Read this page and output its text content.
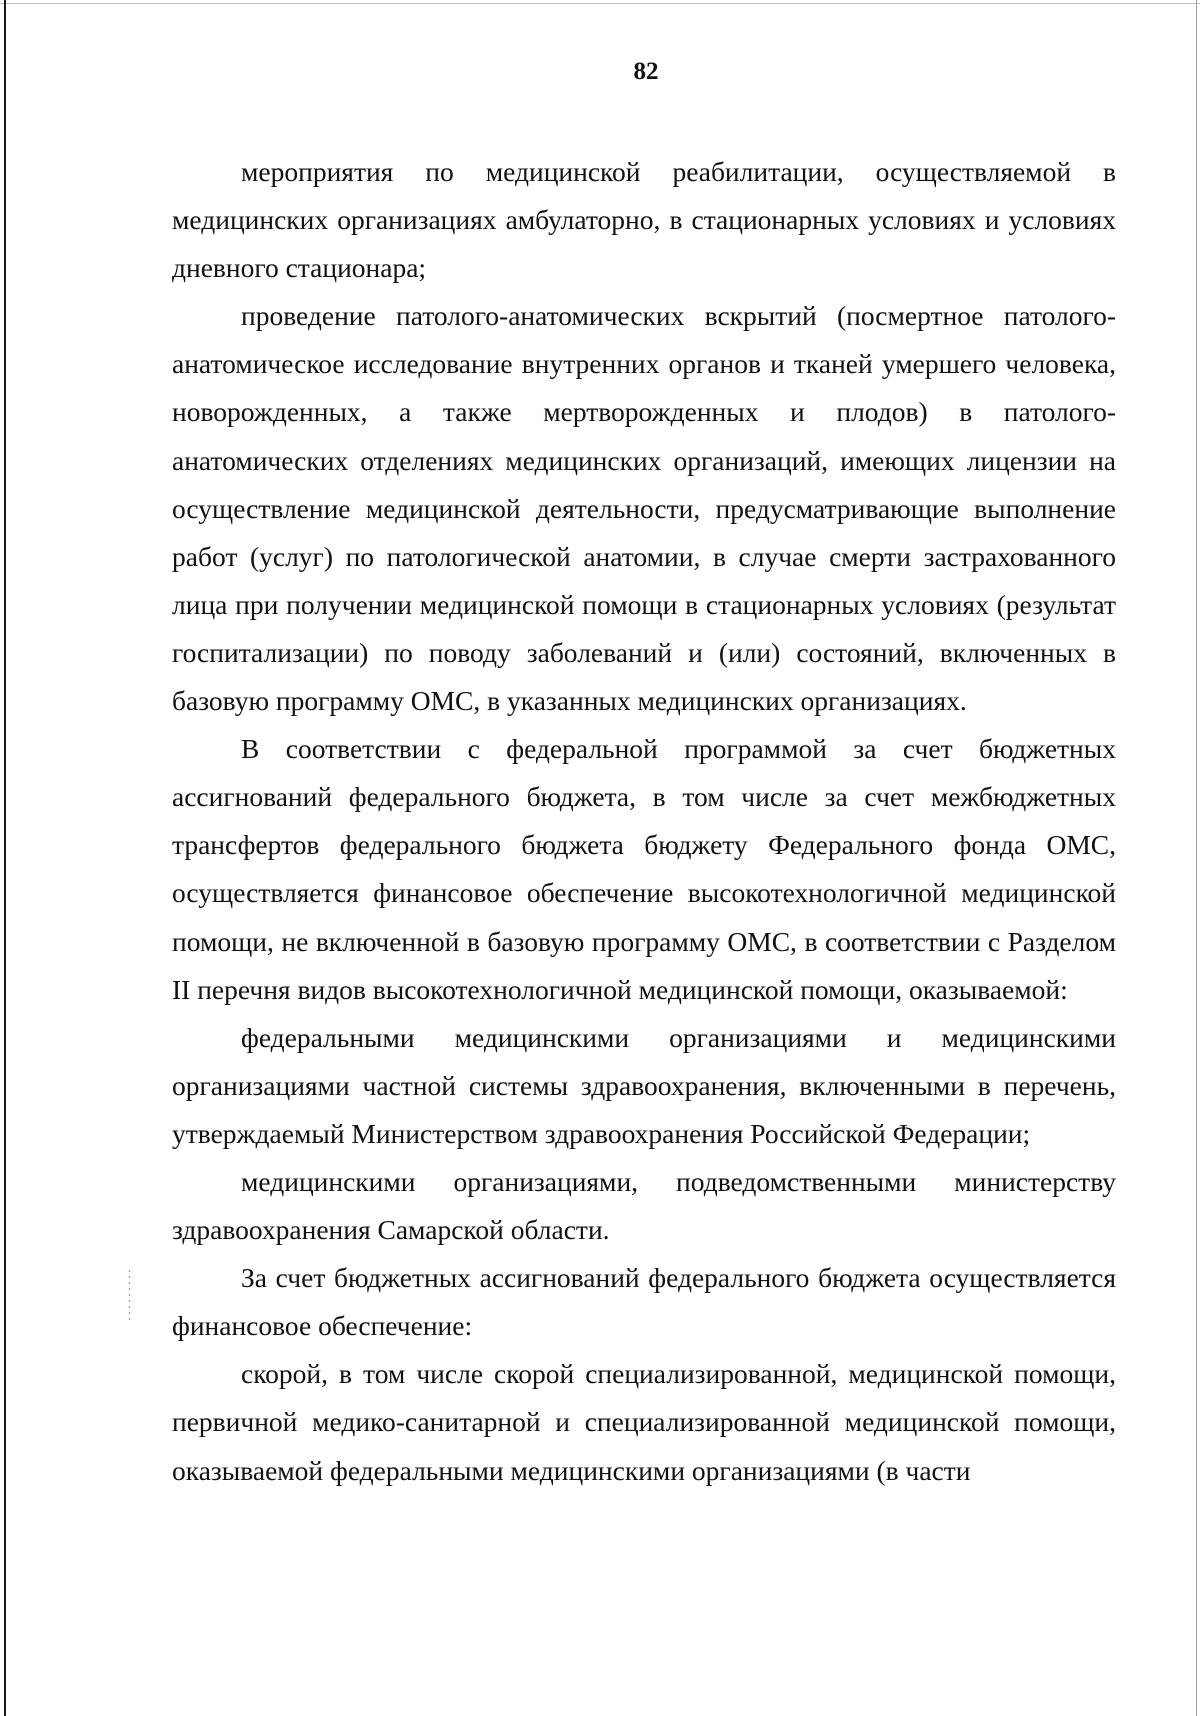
82

мероприятия по медицинской реабилитации, осуществляемой в медицинских организациях амбулаторно, в стационарных условиях и условиях дневного стационара;

проведение патолого-анатомических вскрытий (посмертное патолого-анатомическое исследование внутренних органов и тканей умершего человека, новорожденных, а также мертворожденных и плодов) в патолого-анатомических отделениях медицинских организаций, имеющих лицензии на осуществление медицинской деятельности, предусматривающие выполнение работ (услуг) по патологической анатомии, в случае смерти застрахованного лица при получении медицинской помощи в стационарных условиях (результат госпитализации) по поводу заболеваний и (или) состояний, включенных в базовую программу ОМС, в указанных медицинских организациях.

В соответствии с федеральной программой за счет бюджетных ассигнований федерального бюджета, в том числе за счет межбюджетных трансфертов федерального бюджета бюджету Федерального фонда ОМС, осуществляется финансовое обеспечение высокотехнологичной медицинской помощи, не включенной в базовую программу ОМС, в соответствии с Разделом II перечня видов высокотехнологичной медицинской помощи, оказываемой:

федеральными медицинскими организациями и медицинскими организациями частной системы здравоохранения, включенными в перечень, утверждаемый Министерством здравоохранения Российской Федерации;

медицинскими организациями, подведомственными министерству здравоохранения Самарской области.

За счет бюджетных ассигнований федерального бюджета осуществляется финансовое обеспечение:

скорой, в том числе скорой специализированной, медицинской помощи, первичной медико-санитарной и специализированной медицинской помощи, оказываемой федеральными медицинскими организациями (в части
